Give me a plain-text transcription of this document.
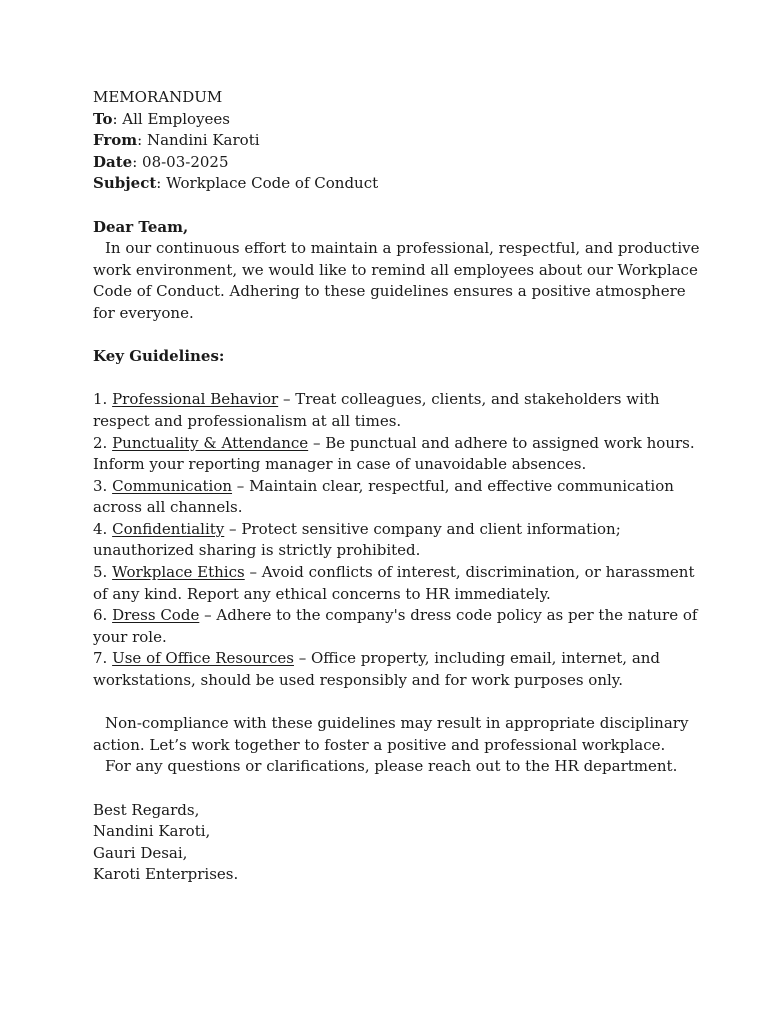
MEMORANDUM
To: All Employees
From: Nandini Karoti
Date: 08-03-2025
Subject: Workplace Code of Conduct
Dear Team,
In our continuous effort to maintain a professional, respectful, and productive
work environment, we would like to remind all employees about our Workplace
Code of Conduct. Adhering to these guidelines ensures a positive atmosphere
for everyone.
Key Guidelines:
1. Professional Behavior – Treat colleagues, clients, and stakeholders with
respect and professionalism at all times.
2. Punctuality & Attendance – Be punctual and adhere to assigned work hours.
Inform your reporting manager in case of unavoidable absences.
3. Communication – Maintain clear, respectful, and effective communication
across all channels.
4. Confidentiality – Protect sensitive company and client information;
unauthorized sharing is strictly prohibited.
5. Workplace Ethics – Avoid conflicts of interest, discrimination, or harassment
of any kind. Report any ethical concerns to HR immediately.
6. Dress Code – Adhere to the company's dress code policy as per the nature of
your role.
7. Use of Office Resources – Office property, including email, internet, and
workstations, should be used responsibly and for work purposes only.
Non-compliance with these guidelines may result in appropriate disciplinary
action. Let’s work together to foster a positive and professional workplace.
For any questions or clarifications, please reach out to the HR department.
Best Regards,
Nandini Karoti,
Gauri Desai,
Karoti Enterprises.
